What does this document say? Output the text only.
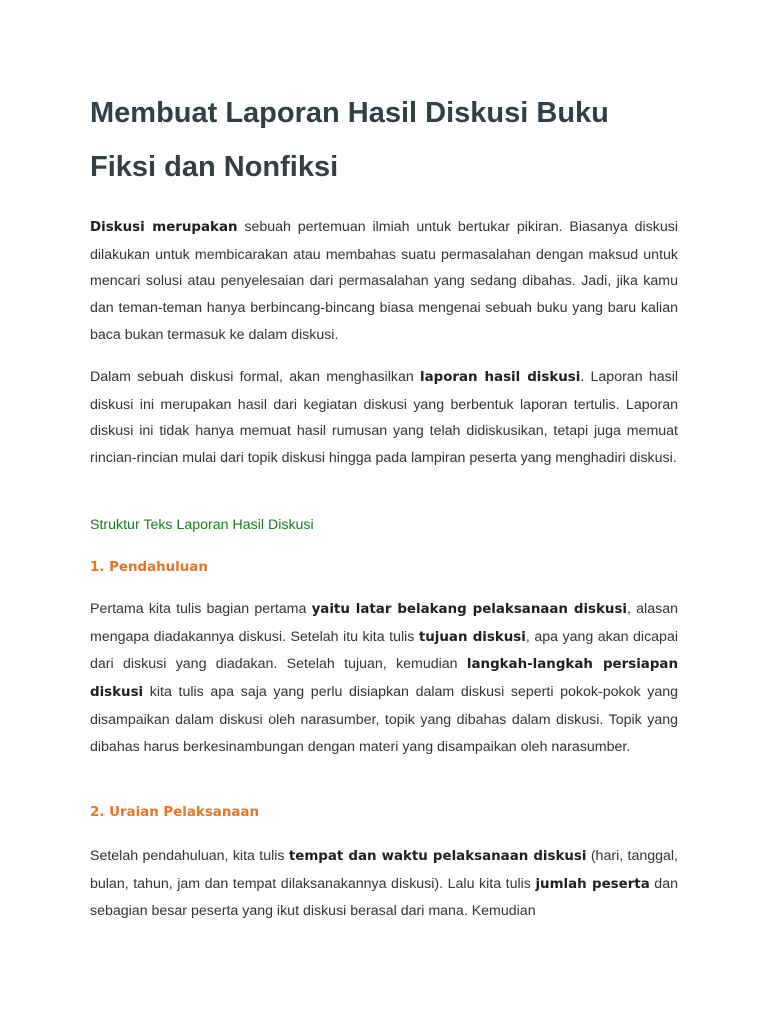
Membuat Laporan Hasil Diskusi Buku Fiksi dan Nonfiksi

Diskusi merupakan sebuah pertemuan ilmiah untuk bertukar pikiran. Biasanya diskusi dilakukan untuk membicarakan atau membahas suatu permasalahan dengan maksud untuk mencari solusi atau penyelesaian dari permasalahan yang sedang dibahas. Jadi, jika kamu dan teman-teman hanya berbincang-bincang biasa mengenai sebuah buku yang baru kalian baca bukan termasuk ke dalam diskusi.

Dalam sebuah diskusi formal, akan menghasilkan laporan hasil diskusi. Laporan hasil diskusi ini merupakan hasil dari kegiatan diskusi yang berbentuk laporan tertulis. Laporan diskusi ini tidak hanya memuat hasil rumusan yang telah didiskusikan, tetapi juga memuat rincian-rincian mulai dari topik diskusi hingga pada lampiran peserta yang menghadiri diskusi.

Struktur Teks Laporan Hasil Diskusi

1. Pendahuluan

Pertama kita tulis bagian pertama yaitu latar belakang pelaksanaan diskusi, alasan mengapa diadakannya diskusi. Setelah itu kita tulis tujuan diskusi, apa yang akan dicapai dari diskusi yang diadakan. Setelah tujuan, kemudian langkah-langkah persiapan diskusi kita tulis apa saja yang perlu disiapkan dalam diskusi seperti pokok-pokok yang disampaikan dalam diskusi oleh narasumber, topik yang dibahas dalam diskusi. Topik yang dibahas harus berkesinambungan dengan materi yang disampaikan oleh narasumber.

2. Uraian Pelaksanaan

Setelah pendahuluan, kita tulis tempat dan waktu pelaksanaan diskusi (hari, tanggal, bulan, tahun, jam dan tempat dilaksanakannya diskusi). Lalu kita tulis jumlah peserta dan sebagian besar peserta yang ikut diskusi berasal dari mana. Kemudian
